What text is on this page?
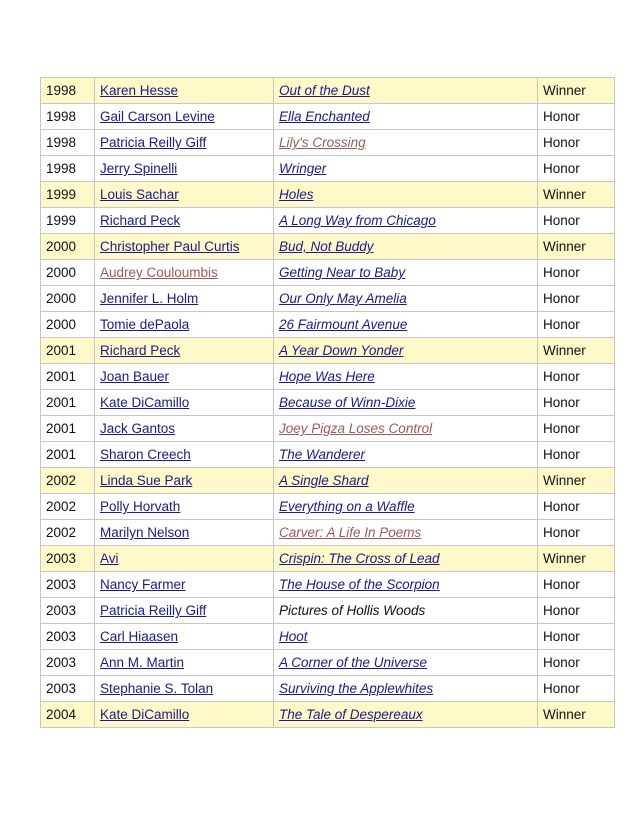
1998	Karen Hesse	Out of the Dust	Winner
1998	Gail Carson Levine	Ella Enchanted	Honor
1998	Patricia Reilly Giff	Lily's Crossing	Honor
1998	Jerry Spinelli	Wringer	Honor
1999	Louis Sachar	Holes	Winner
1999	Richard Peck	A Long Way from Chicago	Honor
2000	Christopher Paul Curtis	Bud, Not Buddy	Winner
2000	Audrey Couloumbis	Getting Near to Baby	Honor
2000	Jennifer L. Holm	Our Only May Amelia	Honor
2000	Tomie dePaola	26 Fairmount Avenue	Honor
2001	Richard Peck	A Year Down Yonder	Winner
2001	Joan Bauer	Hope Was Here	Honor
2001	Kate DiCamillo	Because of Winn-Dixie	Honor
2001	Jack Gantos	Joey Pigza Loses Control	Honor
2001	Sharon Creech	The Wanderer	Honor
2002	Linda Sue Park	A Single Shard	Winner
2002	Polly Horvath	Everything on a Waffle	Honor
2002	Marilyn Nelson	Carver: A Life In Poems	Honor
2003	Avi	Crispin: The Cross of Lead	Winner
2003	Nancy Farmer	The House of the Scorpion	Honor
2003	Patricia Reilly Giff	Pictures of Hollis Woods	Honor
2003	Carl Hiaasen	Hoot	Honor
2003	Ann M. Martin	A Corner of the Universe	Honor
2003	Stephanie S. Tolan	Surviving the Applewhites	Honor
2004	Kate DiCamillo	The Tale of Despereaux	Winner
